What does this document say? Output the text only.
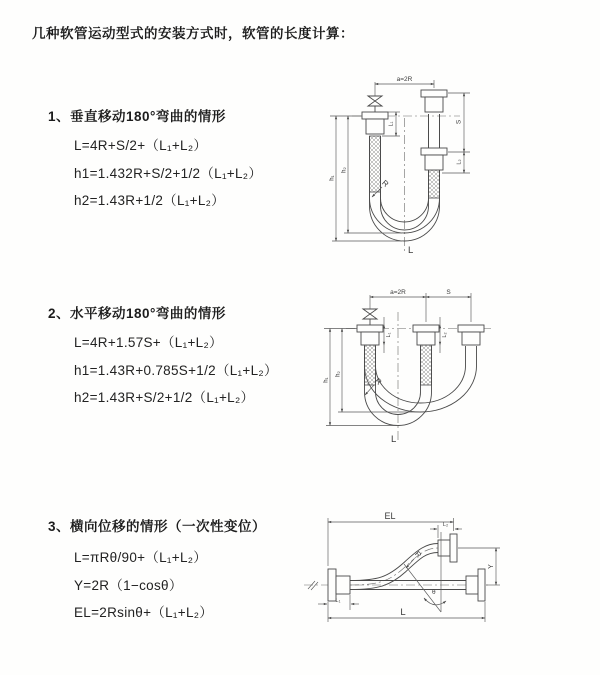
几种软管运动型式的安装方式时，软管的长度计算：
1、垂直移动180°弯曲的情形
L=4R+S/2+（L₁+L₂）
h1=1.432R+S/2+1/2（L₁+L₂）
h2=1.43R+1/2（L₁+L₂）
2、水平移动180°弯曲的情形
L=4R+1.57S+（L₁+L₂）
h1=1.43R+0.785S+1/2（L₁+L₂）
h2=1.43R+S/2+1/2（L₁+L₂）
3、横向位移的情形（一次性变位）
L=πRθ/90+（L₁+L₂）
Y=2R（1−cosθ）
EL=2Rsinθ+（L₁+L₂）
a=2R
S
L₂
h₁
h₂
L₁
R
L
a=2R	S
L₁	L₂
h₁
h₂
R
L
θ
R
EL
L₂
Y
L
L₁
